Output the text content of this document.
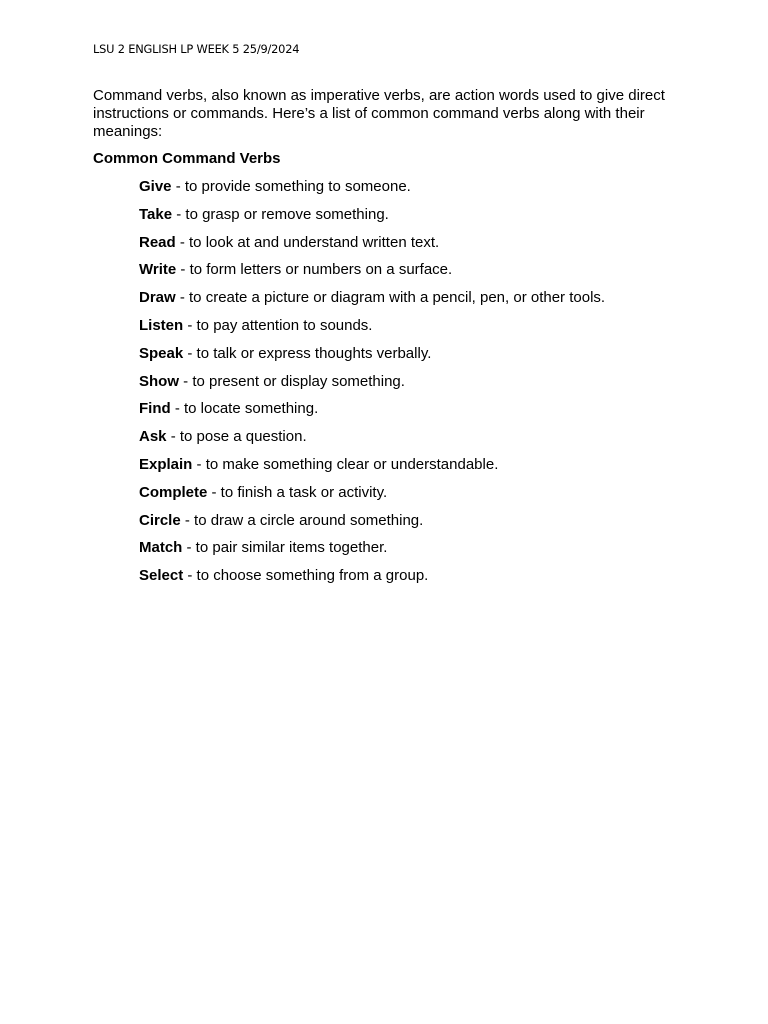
LSU 2 ENGLISH LP WEEK 5 25/9/2024

Command verbs, also known as imperative verbs, are action words used to give direct instructions or commands. Here’s a list of common command verbs along with their meanings:

Common Command Verbs

Give - to provide something to someone.
Take - to grasp or remove something.
Read - to look at and understand written text.
Write - to form letters or numbers on a surface.
Draw - to create a picture or diagram with a pencil, pen, or other tools.
Listen - to pay attention to sounds.
Speak - to talk or express thoughts verbally.
Show - to present or display something.
Find - to locate something.
Ask - to pose a question.
Explain - to make something clear or understandable.
Complete - to finish a task or activity.
Circle - to draw a circle around something.
Match - to pair similar items together.
Select - to choose something from a group.
